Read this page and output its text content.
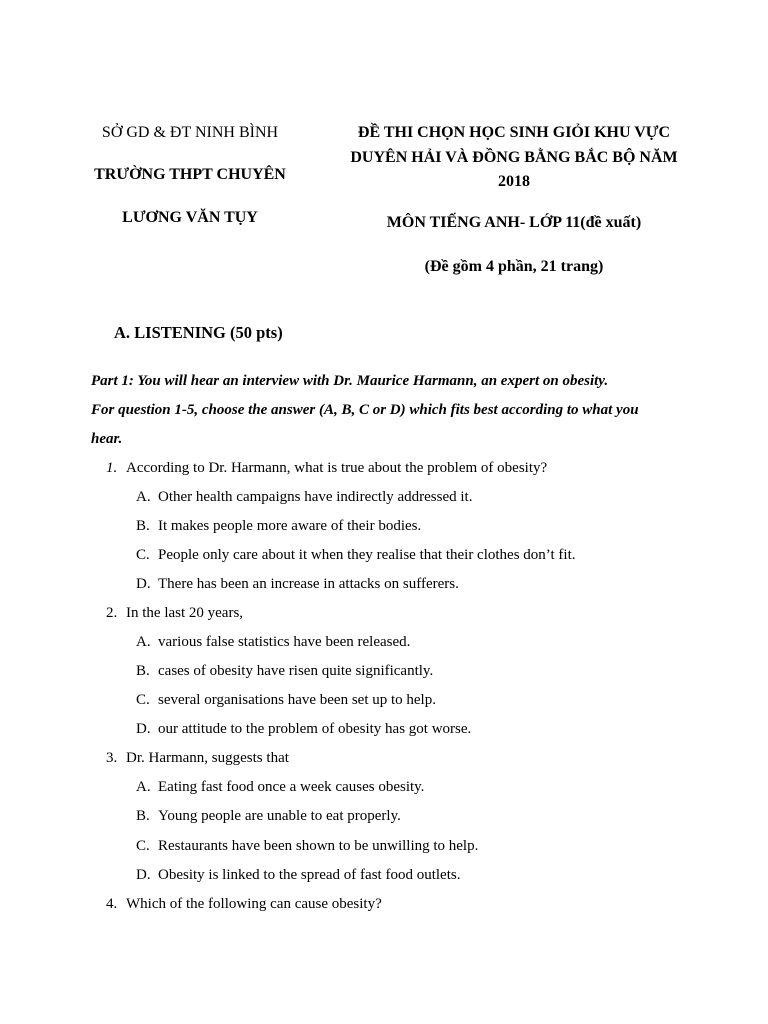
SỞ GD & ĐT NINH BÌNH
TRƯỜNG THPT CHUYÊN
LƯƠNG VĂN TỤY
ĐỀ THI CHỌN HỌC SINH GIỎI KHU VỰC
DUYÊN HẢI VÀ ĐỒNG BẰNG BẮC BỘ NĂM
2018
MÔN TIẾNG ANH- LỚP 11(đề xuất)
(Đề gồm 4 phần, 21 trang)
A. LISTENING (50 pts)
Part 1: You will hear an interview with Dr. Maurice Harmann, an expert on obesity.
For question 1-5, choose the answer (A, B, C or D) which fits best according to what you
hear.
1. According to Dr. Harmann, what is true about the problem of obesity?
A. Other health campaigns have indirectly addressed it.
B. It makes people more aware of their bodies.
C. People only care about it when they realise that their clothes don’t fit.
D. There has been an increase in attacks on sufferers.
2. In the last 20 years,
A. various false statistics have been released.
B. cases of obesity have risen quite significantly.
C. several organisations have been set up to help.
D. our attitude to the problem of obesity has got worse.
3. Dr. Harmann, suggests that
A. Eating fast food once a week causes obesity.
B. Young people are unable to eat properly.
C. Restaurants have been shown to be unwilling to help.
D. Obesity is linked to the spread of fast food outlets.
4. Which of the following can cause obesity?
